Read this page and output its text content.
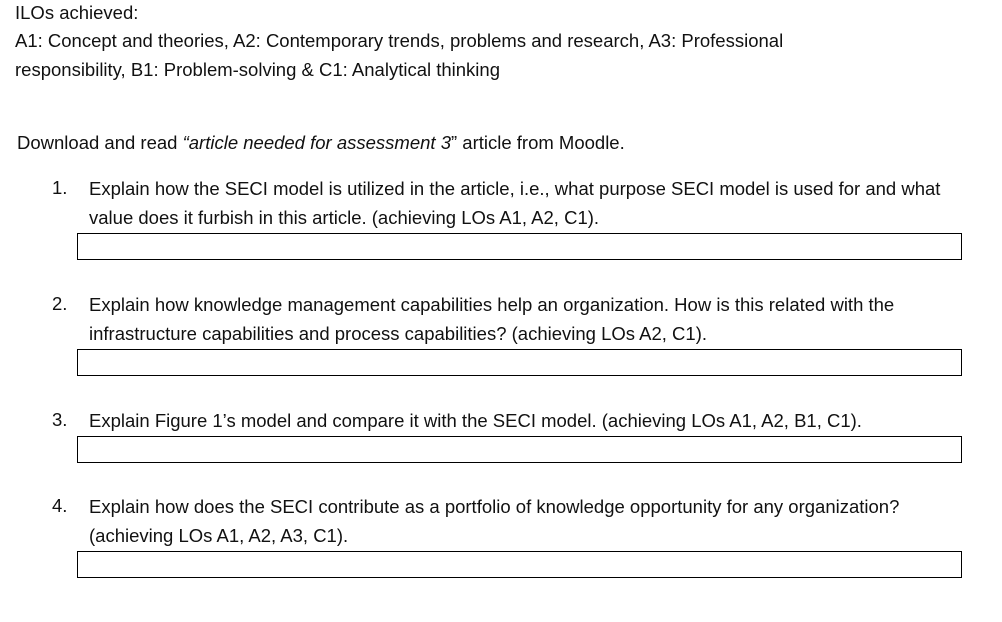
ILOs achieved:
A1: Concept and theories, A2: Contemporary trends, problems and research, A3: Professional
responsibility, B1: Problem-solving & C1: Analytical thinking
Download and read “article needed for assessment 3” article from Moodle.
1. Explain how the SECI model is utilized in the article, i.e., what purpose SECI model is used for and what value does it furbish in this article. (achieving LOs A1, A2, C1).
2. Explain how knowledge management capabilities help an organization. How is this related with the infrastructure capabilities and process capabilities? (achieving LOs A2, C1).
3. Explain Figure 1’s model and compare it with the SECI model. (achieving LOs A1, A2, B1, C1).
4. Explain how does the SECI contribute as a portfolio of knowledge opportunity for any organization? (achieving LOs A1, A2, A3, C1).
